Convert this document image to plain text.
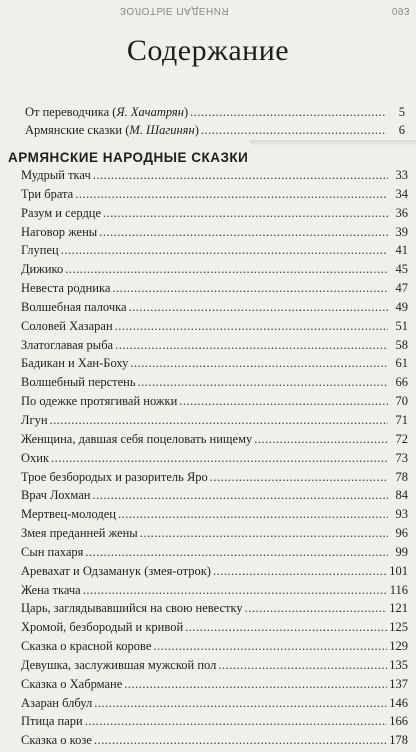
ЗОЛОТЫЕ ПАДЕНИЯ	093
Содержание
От переводчика (Я. Хачатрян) .....	5
Армянские сказки (М. Шагинян) .....	6
АРМЯНСКИЕ НАРОДНЫЕ СКАЗКИ
Мудрый ткач .....	33
Три брата .....	34
Разум и сердце .....	36
Наговор жены .....	39
Глупец .....	41
Дижико .....	45
Невеста родника .....	47
Волшебная палочка .....	49
Соловей Хазаран .....	51
Златоглавая рыба .....	58
Бадикан и Хан-Боху .....	61
Волшебный перстень .....	66
По одежке протягивай ножки .....	70
Лгун .....	71
Женщина, давшая себя поцеловать нищему .....	72
Охик .....	73
Трое безбородых и разоритель Яро .....	78
Врач Лохман .....	84
Мертвец-молодец .....	93
Змея преданней жены .....	96
Сын пахаря .....	99
Аревахат и Одзаманук (змея-отрок) .....	101
Жена ткача .....	116
Царь, заглядывавшийся на свою невестку .....	121
Хромой, безбородый и кривой .....	125
Сказка о красной корове .....	129
Девушка, заслужившая мужской пол .....	135
Сказка о Хабрмане .....	137
Азаран блбул .....	146
Птица пари .....	166
Сказка о козе .....	178
